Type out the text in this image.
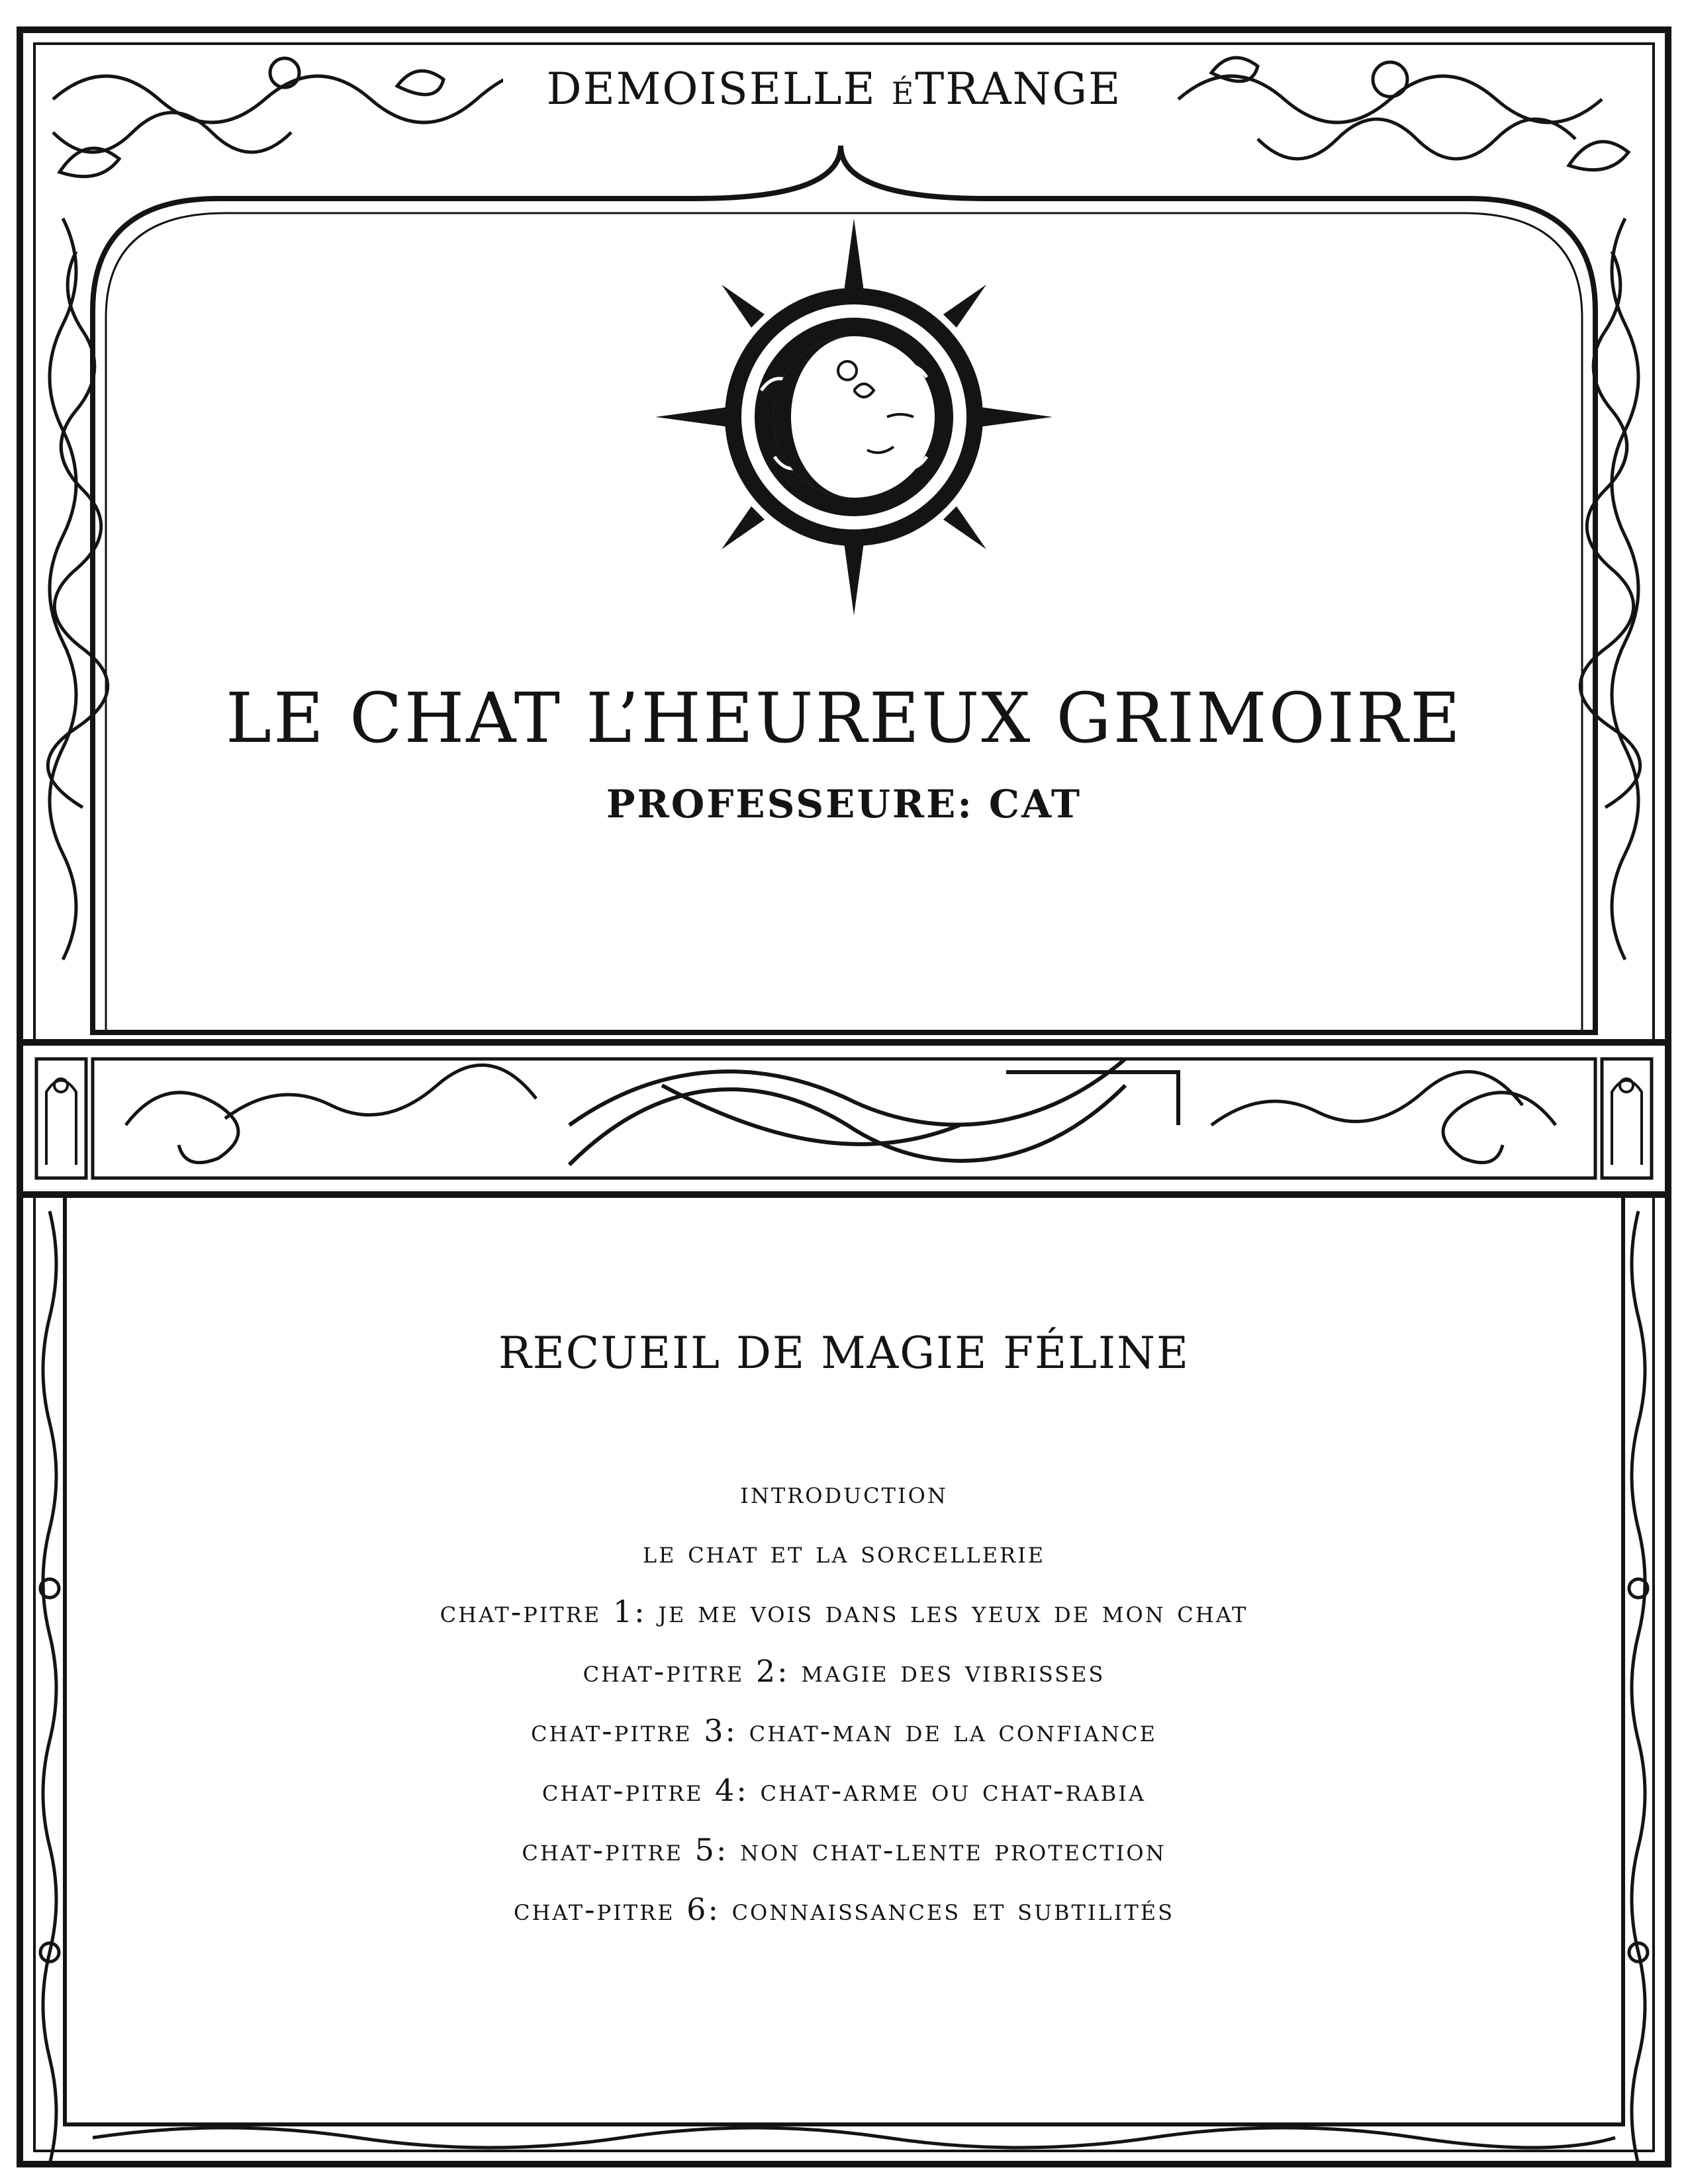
DEMOISELLE éTRANGE
LE CHAT L’HEUREUX GRIMOIRE
PROFESSEURE: CAT
RECUEIL DE MAGIE FÉLINE
introduction
le chat et la sorcellerie
chat-pitre 1: je me vois dans les yeux de mon chat
chat-pitre 2: magie des vibrisses
chat-pitre 3: chat-man de la confiance
chat-pitre 4: chat-arme ou chat-rabia
chat-pitre 5: non chat-lente protection
chat-pitre 6: connaissances et subtilités
